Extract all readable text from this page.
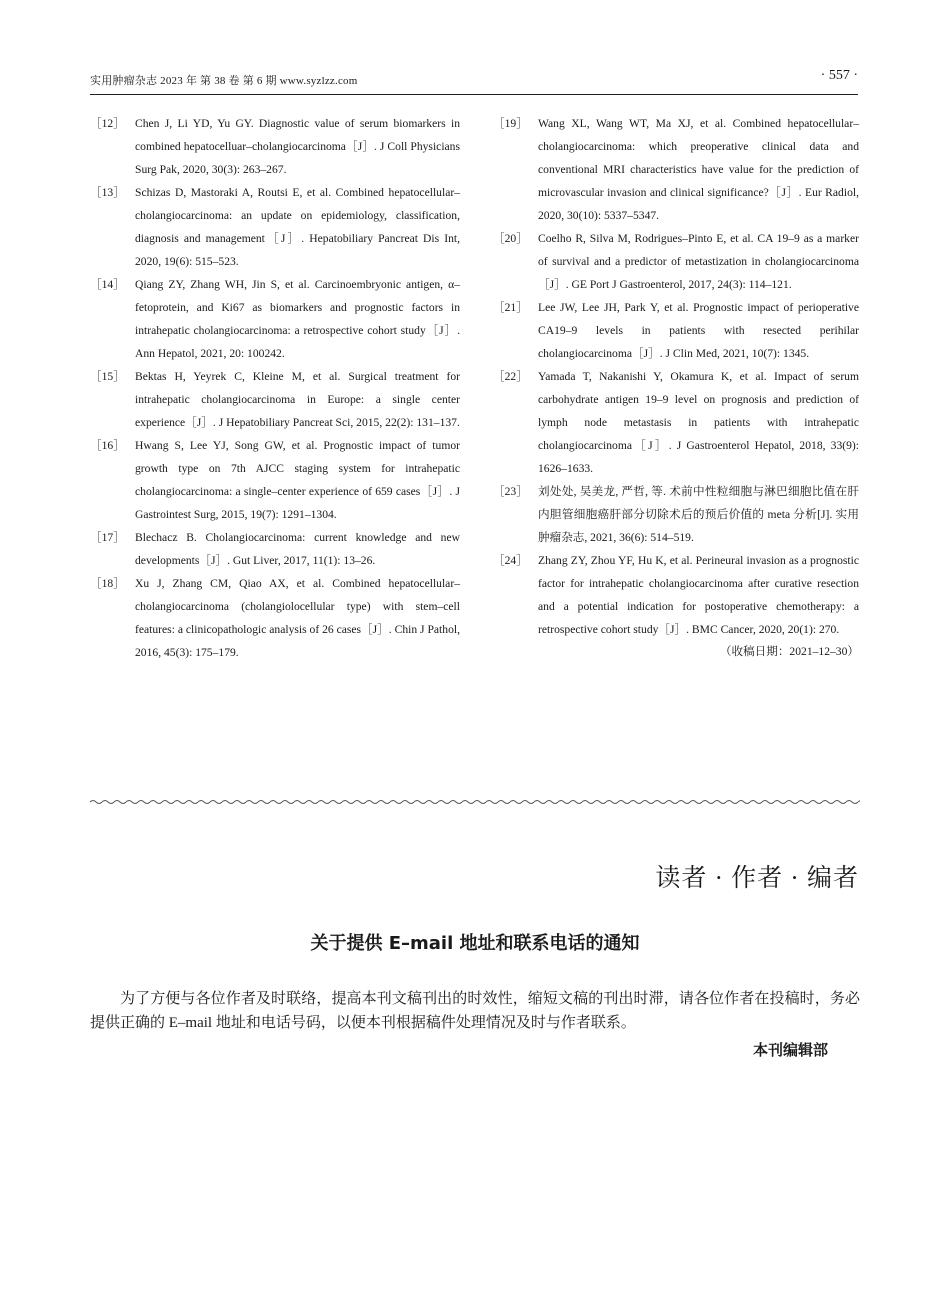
实用肿瘤杂志 2023 年 第 38 卷 第 6 期 www.syzlzz.com	· 557 ·
［12］ Chen J, Li YD, Yu GY. Diagnostic value of serum biomarkers in combined hepatocelluar–cholangiocarcinoma［J］. J Coll Physicians Surg Pak, 2020, 30(3): 263–267.
［13］ Schizas D, Mastoraki A, Routsi E, et al. Combined hepatocellular–cholangiocarcinoma: an update on epidemiology, classification, diagnosis and management［J］. Hepatobiliary Pancreat Dis Int, 2020, 19(6): 515–523.
［14］ Qiang ZY, Zhang WH, Jin S, et al. Carcinoembryonic antigen, α–fetoprotein, and Ki67 as biomarkers and prognostic factors in intrahepatic cholangiocarcinoma: a retrospective cohort study［J］. Ann Hepatol, 2021, 20: 100242.
［15］ Bektas H, Yeyrek C, Kleine M, et al. Surgical treatment for intrahepatic cholangiocarcinoma in Europe: a single center experience［J］. J Hepatobiliary Pancreat Sci, 2015, 22(2): 131–137.
［16］ Hwang S, Lee YJ, Song GW, et al. Prognostic impact of tumor growth type on 7th AJCC staging system for intrahepatic cholangiocarcinoma: a single–center experience of 659 cases［J］. J Gastrointest Surg, 2015, 19(7): 1291–1304.
［17］ Blechacz B. Cholangiocarcinoma: current knowledge and new developments［J］. Gut Liver, 2017, 11(1): 13–26.
［18］ Xu J, Zhang CM, Qiao AX, et al. Combined hepatocellular–cholangiocarcinoma (cholangiolocellular type) with stem–cell features: a clinicopathologic analysis of 26 cases［J］. Chin J Pathol, 2016, 45(3): 175–179.
［19］ Wang XL, Wang WT, Ma XJ, et al. Combined hepatocellular–cholangiocarcinoma: which preoperative clinical data and conventional MRI characteristics have value for the prediction of microvascular invasion and clinical significance?［J］. Eur Radiol, 2020, 30(10): 5337–5347.
［20］ Coelho R, Silva M, Rodrigues–Pinto E, et al. CA 19–9 as a marker of survival and a predictor of metastization in cholangiocarcinoma［J］. GE Port J Gastroenterol, 2017, 24(3): 114–121.
［21］ Lee JW, Lee JH, Park Y, et al. Prognostic impact of perioperative CA19–9 levels in patients with resected perihilar cholangiocarcinoma［J］. J Clin Med, 2021, 10(7): 1345.
［22］ Yamada T, Nakanishi Y, Okamura K, et al. Impact of serum carbohydrate antigen 19–9 level on prognosis and prediction of lymph node metastasis in patients with intrahepatic cholangiocarcinoma［J］. J Gastroenterol Hepatol, 2018, 33(9): 1626–1633.
［23］ 刘处处, 吴美龙, 严哲, 等. 术前中性粒细胞与淋巴细胞比值在肝内胆管细胞癌肝部分切除术后的预后价值的 meta 分析[J]. 实用肿瘤杂志, 2021, 36(6): 514–519.
［24］ Zhang ZY, Zhou YF, Hu K, et al. Perineural invasion as a prognostic factor for intrahepatic cholangiocarcinoma after curative resection and a potential indication for postoperative chemotherapy: a retrospective cohort study［J］. BMC Cancer, 2020, 20(1): 270.
（收稿日期：2021–12–30）
读者 · 作者 · 编者
关于提供 E–mail 地址和联系电话的通知
为了方便与各位作者及时联络，提高本刊文稿刊出的时效性，缩短文稿的刊出时滞，请各位作者在投稿时，务必提供正确的 E–mail 地址和电话号码，以便本刊根据稿件处理情况及时与作者联系。
本刊编辑部
